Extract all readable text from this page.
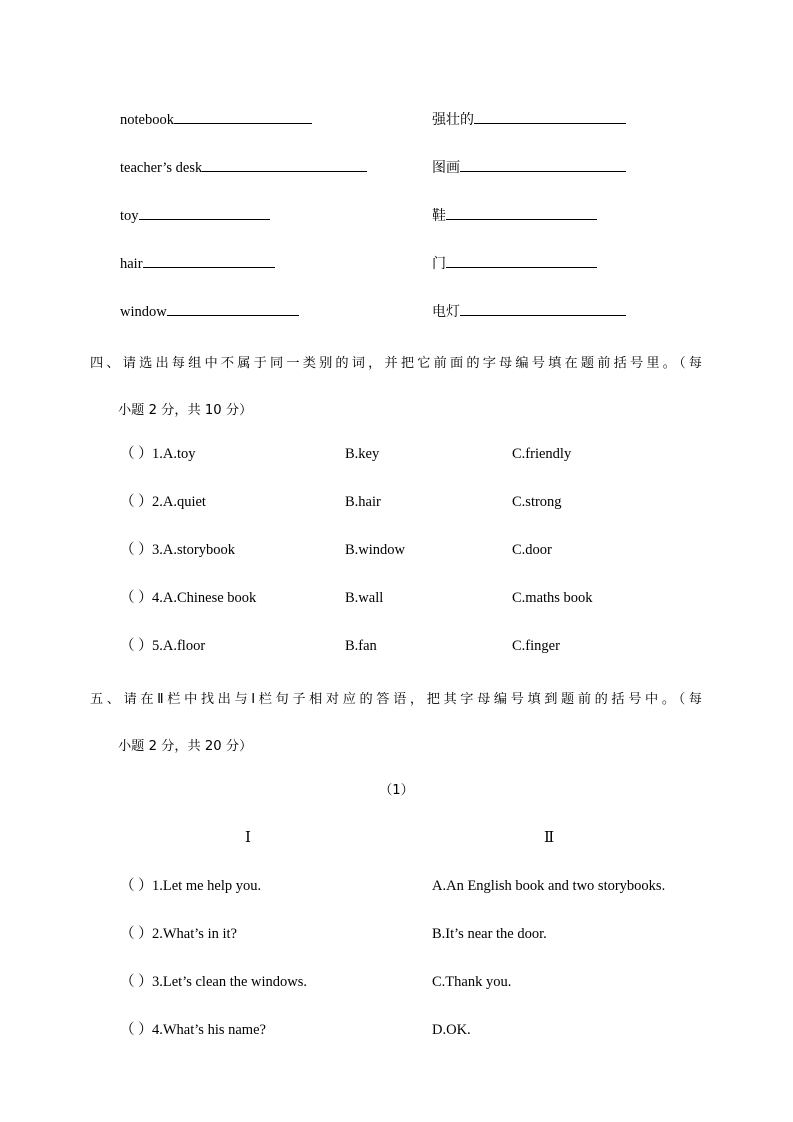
notebook	强壮的
teacher’s desk	图画
toy	鞋
hair	门
window	电灯
四、请选出每组中不属于同一类别的词，并把它前面的字母编号填在题前括号里。（每
小题 2 分，共 10 分）
（ ） 1.A.toy	B.key	C.friendly
（ ） 2.A.quiet	B.hair	C.strong
（ ） 3.A.storybook	B.window	C.door
（ ） 4.A.Chinese book	B.wall	C.maths book
（ ） 5.A.floor	B.fan	C.finger
五、请在Ⅱ栏中找出与Ⅰ栏句子相对应的答语，把其字母编号填到题前的括号中。（每
小题 2 分，共 20 分）
（1）
Ⅰ	Ⅱ
（ ） 1.Let me help you.	A.An English book and two storybooks.
（ ） 2.What’s in it?	B.It’s near the door.
（ ） 3.Let’s clean the windows.	C.Thank you.
（ ） 4.What’s his name?	D.OK.
